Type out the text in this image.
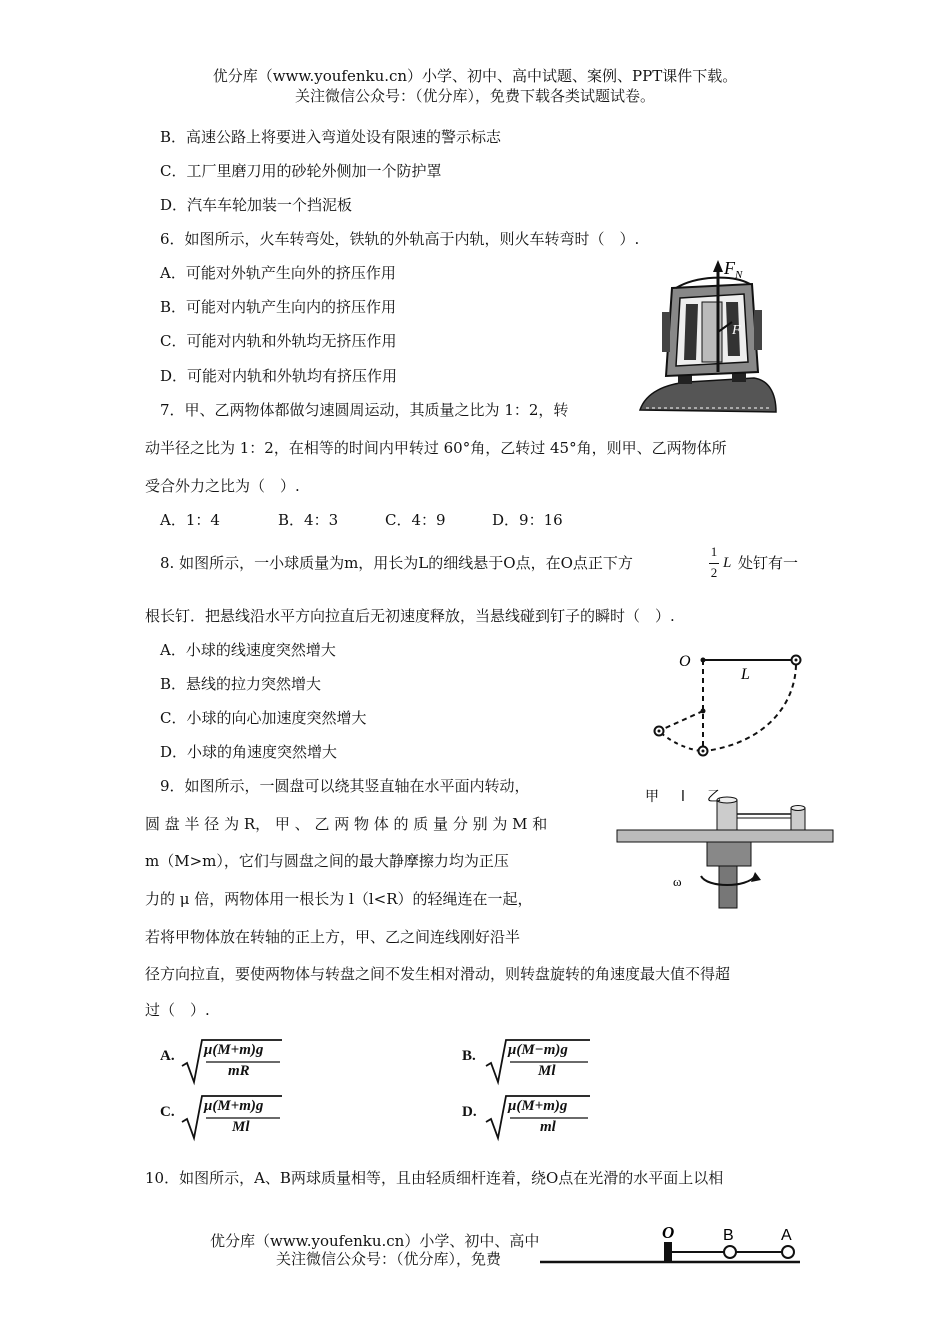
优分库（www.youfenku.cn）小学、初中、高中试题、案例、PPT课件下载。
关注微信公众号：（优分库），免费下载各类试题试卷。
B．高速公路上将要进入弯道处设有限速的警示标志
C．工厂里磨刀用的砂轮外侧加一个防护罩
D．汽车车轮加装一个挡泥板
6．如图所示，火车转弯处，铁轨的外轨高于内轨，则火车转弯时（　）.
A．可能对外轨产生向外的挤压作用
B．可能对内轨产生向内的挤压作用
C．可能对内轨和外轨均无挤压作用
D．可能对内轨和外轨均有挤压作用
F N
F
7．甲、乙两物体都做匀速圆周运动，其质量之比为 1：2，转
动半径之比为 1：2，在相等的时间内甲转过 60°角，乙转过 45°角，则甲、乙两物体所
受合外力之比为（　）.
A．1：4	B．4：3	C．4：9	D．9：16
8. 如图所示，一小球质量为m，用长为L的细线悬于O点，在O点正下方
1
2
L 处钉有一
根长钉．把悬线沿水平方向拉直后无初速度释放，当悬线碰到钉子的瞬时（　）.
A．小球的线速度突然增大
B．悬线的拉力突然增大
C．小球的向心加速度突然增大
D．小球的角速度突然增大
O
L
9．如图所示，一圆盘可以绕其竖直轴在水平面内转动，
圆 盘 半 径 为 R， 甲 、 乙 两 物 体 的 质 量 分 别 为 M 和
m（M>m），它们与圆盘之间的最大静摩擦力均为正压
力的 μ 倍，两物体用一根长为 l（l<R）的轻绳连在一起，
若将甲物体放在转轴的正上方，甲、乙之间连线刚好沿半
径方向拉直，要使两物体与转盘之间不发生相对滑动，则转盘旋转的角速度最大值不得超
过（　）.
甲 l 乙
ω
A. μ(M+m)g
mR
B. μ(M−m)g
Ml
C. μ(M+m)g
Ml
D. μ(M+m)g
ml
10．如图所示，A、B两球质量相等，且由轻质细杆连着，绕O点在光滑的水平面上以相
优分库（www.youfenku.cn）小学、初中、高中
关注微信公众号：（优分库），免费
O	B	A
